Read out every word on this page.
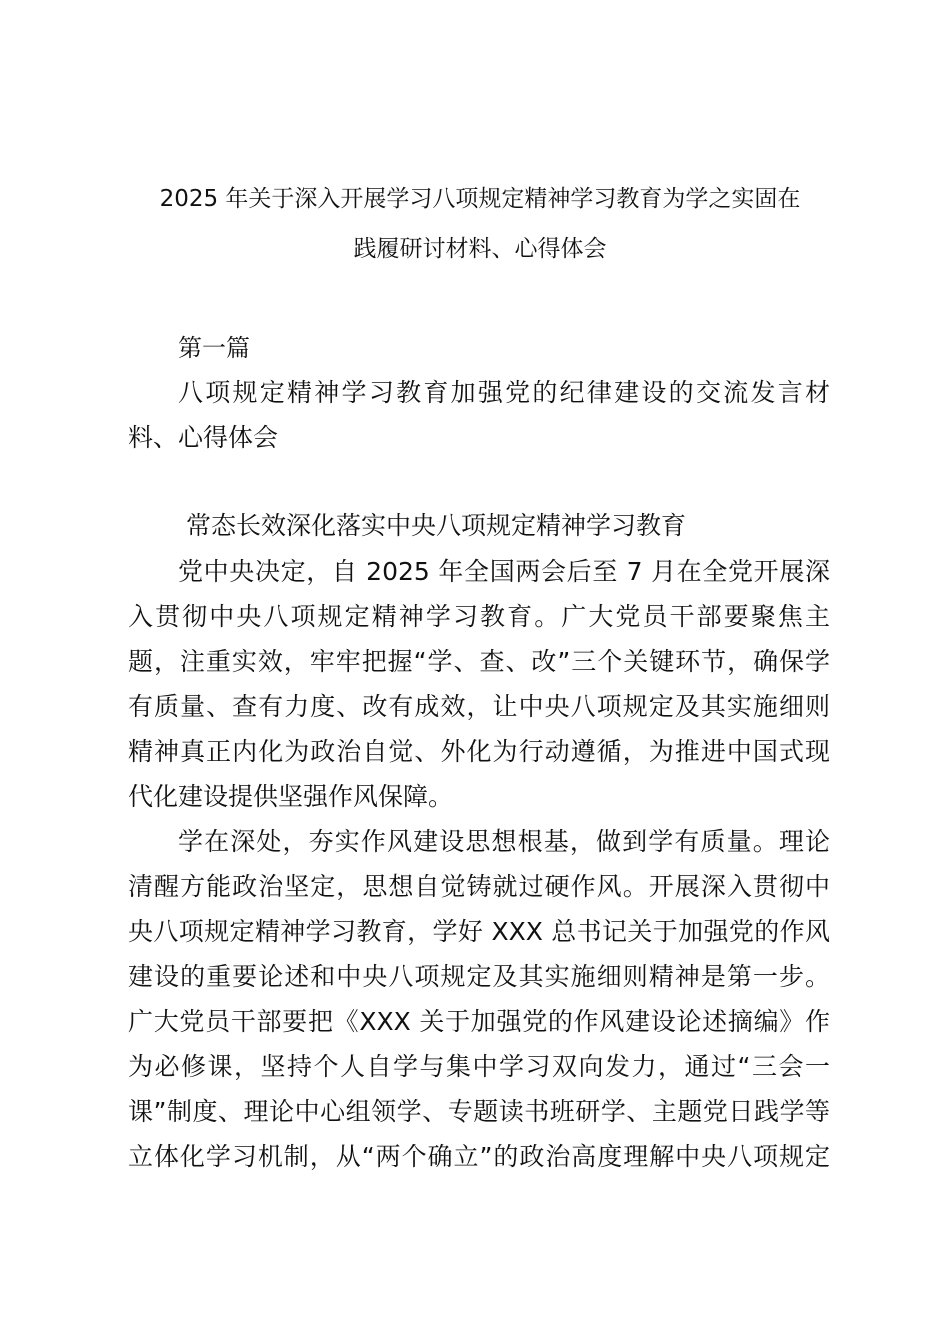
2025 年关于深入开展学习八项规定精神学习教育为学之实固在
践履研讨材料、心得体会

第一篇

八项规定精神学习教育加强党的纪律建设的交流发言材

料、心得体会

常态长效深化落实中央八项规定精神学习教育

党中央决定，自 2025 年全国两会后至 7 月在全党开展深

入贯彻中央八项规定精神学习教育。广大党员干部要聚焦主

题，注重实效，牢牢把握“学、查、改”三个关键环节，确保学

有质量、查有力度、改有成效，让中央八项规定及其实施细则

精神真正内化为政治自觉、外化为行动遵循，为推进中国式现

代化建设提供坚强作风保障。

学在深处，夯实作风建设思想根基，做到学有质量。理论

清醒方能政治坚定，思想自觉铸就过硬作风。开展深入贯彻中

央八项规定精神学习教育，学好 XXX 总书记关于加强党的作风

建设的重要论述和中央八项规定及其实施细则精神是第一步。

广大党员干部要把《XXX 关于加强党的作风建设论述摘编》作

为必修课，坚持个人自学与集中学习双向发力，通过“三会一

课”制度、理论中心组领学、专题读书班研学、主题党日践学等

立体化学习机制，从“两个确立”的政治高度理解中央八项规定
